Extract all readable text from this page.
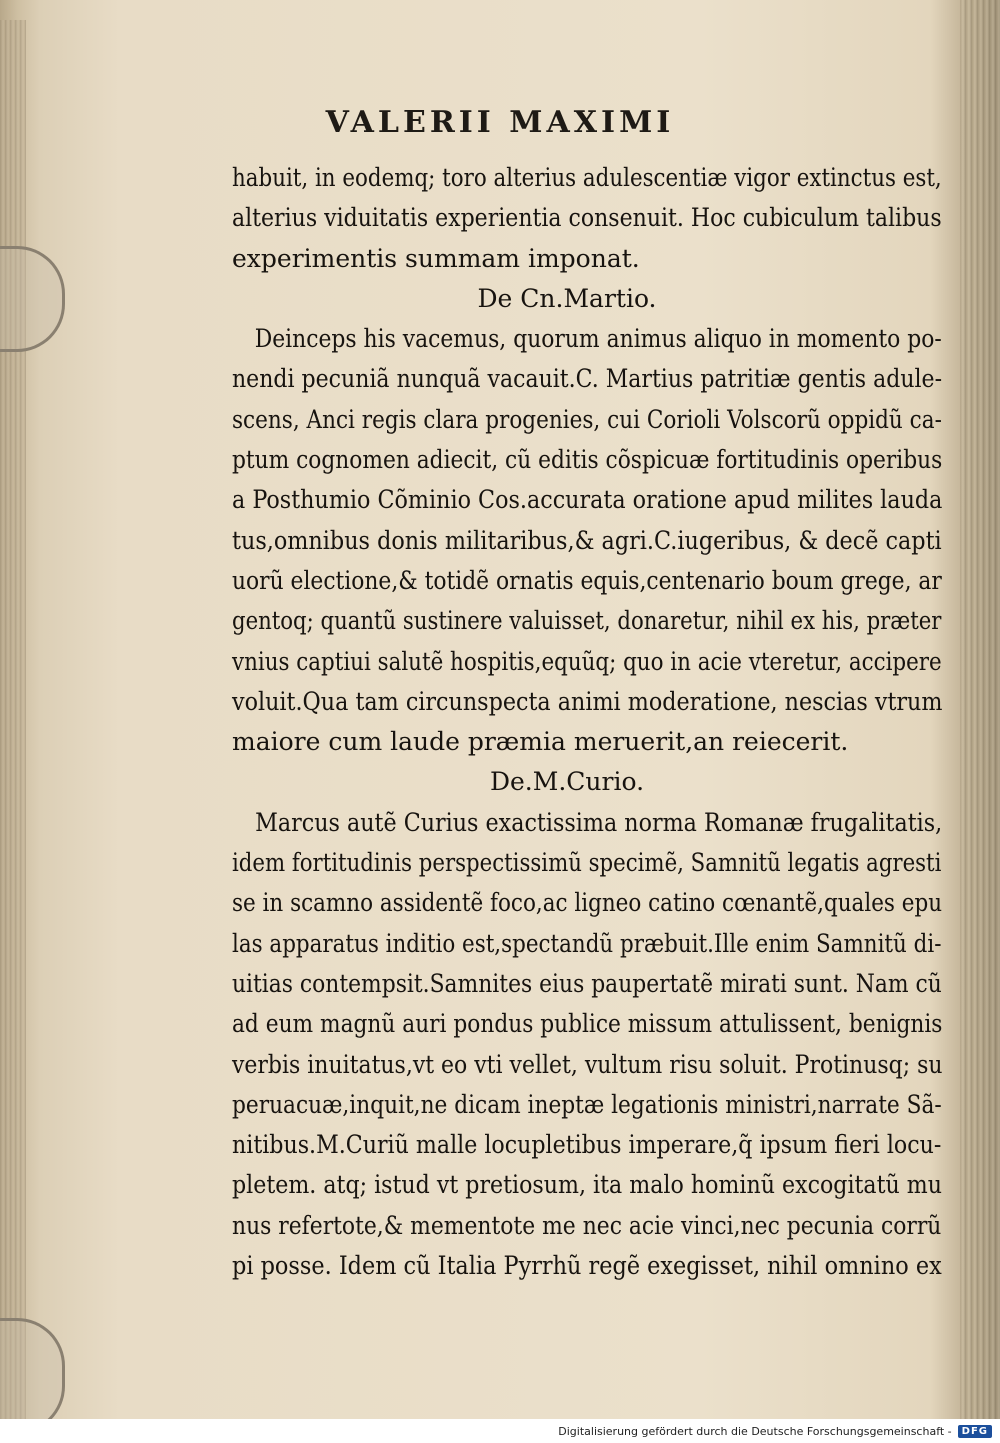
VALERII MAXIMI
habuit, in eodemq; toro alterius adulescentiæ vigor extinctus est,
alterius viduitatis experientia consenuit. Hoc cubiculum talibus
experimentis summam imponat.
De Cn.Martio.
Deinceps his vacemus, quorum animus aliquo in momento po-
nendi pecuniã nunquã vacauit.C. Martius patritiæ gentis adule-
scens, Anci regis clara progenies, cui Corioli Volscorũ oppidũ ca-
ptum cognomen adiecit, cũ editis cõspicuæ fortitudinis operibus
a Posthumio Cõminio Cos.accurata oratione apud milites lauda
tus,omnibus donis militaribus,& agri.C.iugeribus, & decẽ capti
uorũ electione,& totidẽ ornatis equis,centenario boum grege, ar
gentoq; quantũ sustinere valuisset, donaretur, nihil ex his, præter
vnius captiui salutẽ hospitis,equũq; quo in acie vteretur, accipere
voluit.Qua tam circunspecta animi moderatione, nescias vtrum
maiore cum laude præmia meruerit,an reiecerit.
De.M.Curio.
Marcus autẽ Curius exactissima norma Romanæ frugalitatis,
idem fortitudinis perspectissimũ specimẽ, Samnitũ legatis agresti
se in scamno assidentẽ foco,ac ligneo catino cœnantẽ,quales epu
las apparatus inditio est,spectandũ præbuit.Ille enim Samnitũ di-
uitias contempsit.Samnites eius paupertatẽ mirati sunt. Nam cũ
ad eum magnũ auri pondus publice missum attulissent, benignis
verbis inuitatus,vt eo vti vellet, vultum risu soluit. Protinusq; su
peruacuæ,inquit,ne dicam ineptæ legationis ministri,narrate Sã-
nitibus.M.Curiũ malle locupletibus imperare,q̃ ipsum fieri locu-
pletem. atq; istud vt pretiosum, ita malo hominũ excogitatũ mu
nus refertote,& mementote me nec acie vinci,nec pecunia corrũ
pi posse. Idem cũ Italia Pyrrhũ regẽ exegisset, nihil omnino ex
Digitalisierung gefördert durch die Deutsche Forschungsgemeinschaft -	DFG
